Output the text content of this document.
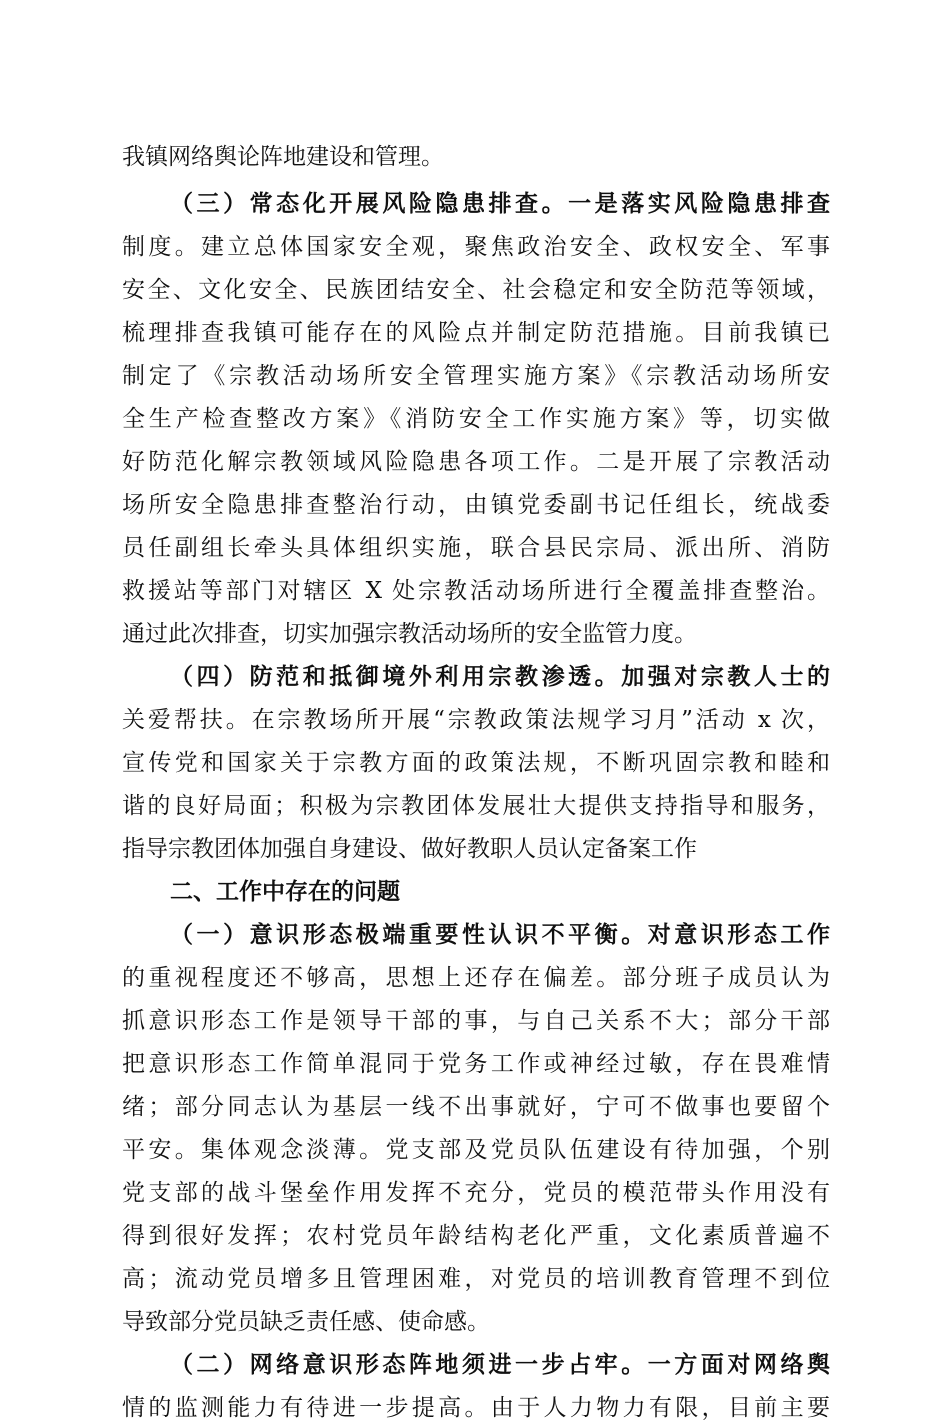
我镇网络舆论阵地建设和管理。
（三）常态化开展风险隐患排查。一是落实风险隐患排查
制度。建立总体国家安全观，聚焦政治安全、政权安全、军事
安全、文化安全、民族团结安全、社会稳定和安全防范等领域，
梳理排查我镇可能存在的风险点并制定防范措施。目前我镇已
制定了《宗教活动场所安全管理实施方案》《宗教活动场所安
全生产检查整改方案》《消防安全工作实施方案》等，切实做
好防范化解宗教领域风险隐患各项工作。二是开展了宗教活动
场所安全隐患排查整治行动，由镇党委副书记任组长，统战委
员任副组长牵头具体组织实施，联合县民宗局、派出所、消防
救援站等部门对辖区 X 处宗教活动场所进行全覆盖排查整治。
通过此次排查，切实加强宗教活动场所的安全监管力度。
（四）防范和抵御境外利用宗教渗透。加强对宗教人士的
关爱帮扶。在宗教场所开展“宗教政策法规学习月”活动 x 次，
宣传党和国家关于宗教方面的政策法规，不断巩固宗教和睦和
谐的良好局面；积极为宗教团体发展壮大提供支持指导和服务，
指导宗教团体加强自身建设、做好教职人员认定备案工作
二、工作中存在的问题
（一）意识形态极端重要性认识不平衡。对意识形态工作
的重视程度还不够高，思想上还存在偏差。部分班子成员认为
抓意识形态工作是领导干部的事，与自己关系不大；部分干部
把意识形态工作简单混同于党务工作或神经过敏，存在畏难情
绪；部分同志认为基层一线不出事就好，宁可不做事也要留个
平安。集体观念淡薄。党支部及党员队伍建设有待加强，个别
党支部的战斗堡垒作用发挥不充分，党员的模范带头作用没有
得到很好发挥；农村党员年龄结构老化严重，文化素质普遍不
高；流动党员增多且管理困难，对党员的培训教育管理不到位
导致部分党员缺乏责任感、使命感。
（二）网络意识形态阵地须进一步占牢。一方面对网络舆
情的监测能力有待进一步提高。由于人力物力有限，目前主要
